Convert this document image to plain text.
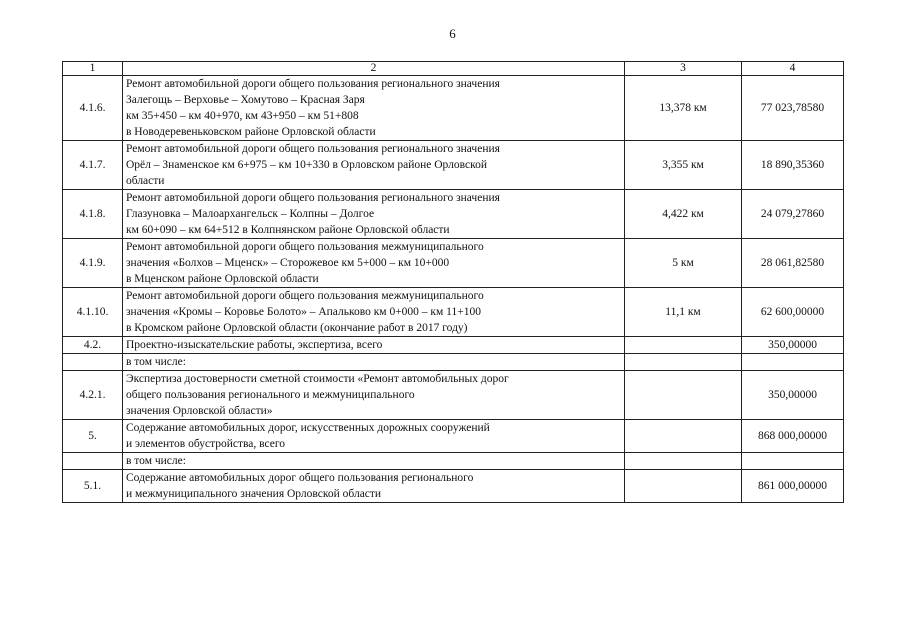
6
1	2	3	4
4.1.6.	Ремонт автомобильной дороги общего пользования регионального значения
Залегощь – Верховье – Хомутово – Красная Заря
км 35+450 – км 40+970, км 43+950 – км 51+808
в Новодеревеньковском районе Орловской области	13,378 км	77 023,78580
4.1.7.	Ремонт автомобильной дороги общего пользования регионального значения
Орёл – Знаменское км 6+975 – км 10+330 в Орловском районе Орловской
области	3,355 км	18 890,35360
4.1.8.	Ремонт автомобильной дороги общего пользования регионального значения
Глазуновка – Малоархангельск – Колпны – Долгое
км 60+090 – км 64+512 в Колпнянском районе Орловской области	4,422 км	24 079,27860
4.1.9.	Ремонт автомобильной дороги общего пользования межмуниципального
значения «Болхов – Мценск» – Сторожевое км 5+000 – км 10+000
в Мценском районе Орловской области	5 км	28 061,82580
4.1.10.	Ремонт автомобильной дороги общего пользования межмуниципального
значения «Кромы – Коровье Болото» – Апальково км 0+000 – км 11+100
в Кромском районе Орловской области (окончание работ в 2017 году)	11,1 км	62 600,00000
4.2.	Проектно-изыскательские работы, экспертиза, всего		350,00000

	в том числе:		

4.2.1.	Экспертиза достоверности сметной стоимости «Ремонт автомобильных дорог
общего пользования регионального и межмуниципального
значения Орловской области»		350,00000
5.	Содержание автомобильных дорог, искусственных дорожных сооружений
и элементов обустройства, всего		868 000,00000

	в том числе:		

5.1.	Содержание автомобильных дорог общего пользования регионального
и межмуниципального значения Орловской области		861 000,00000
